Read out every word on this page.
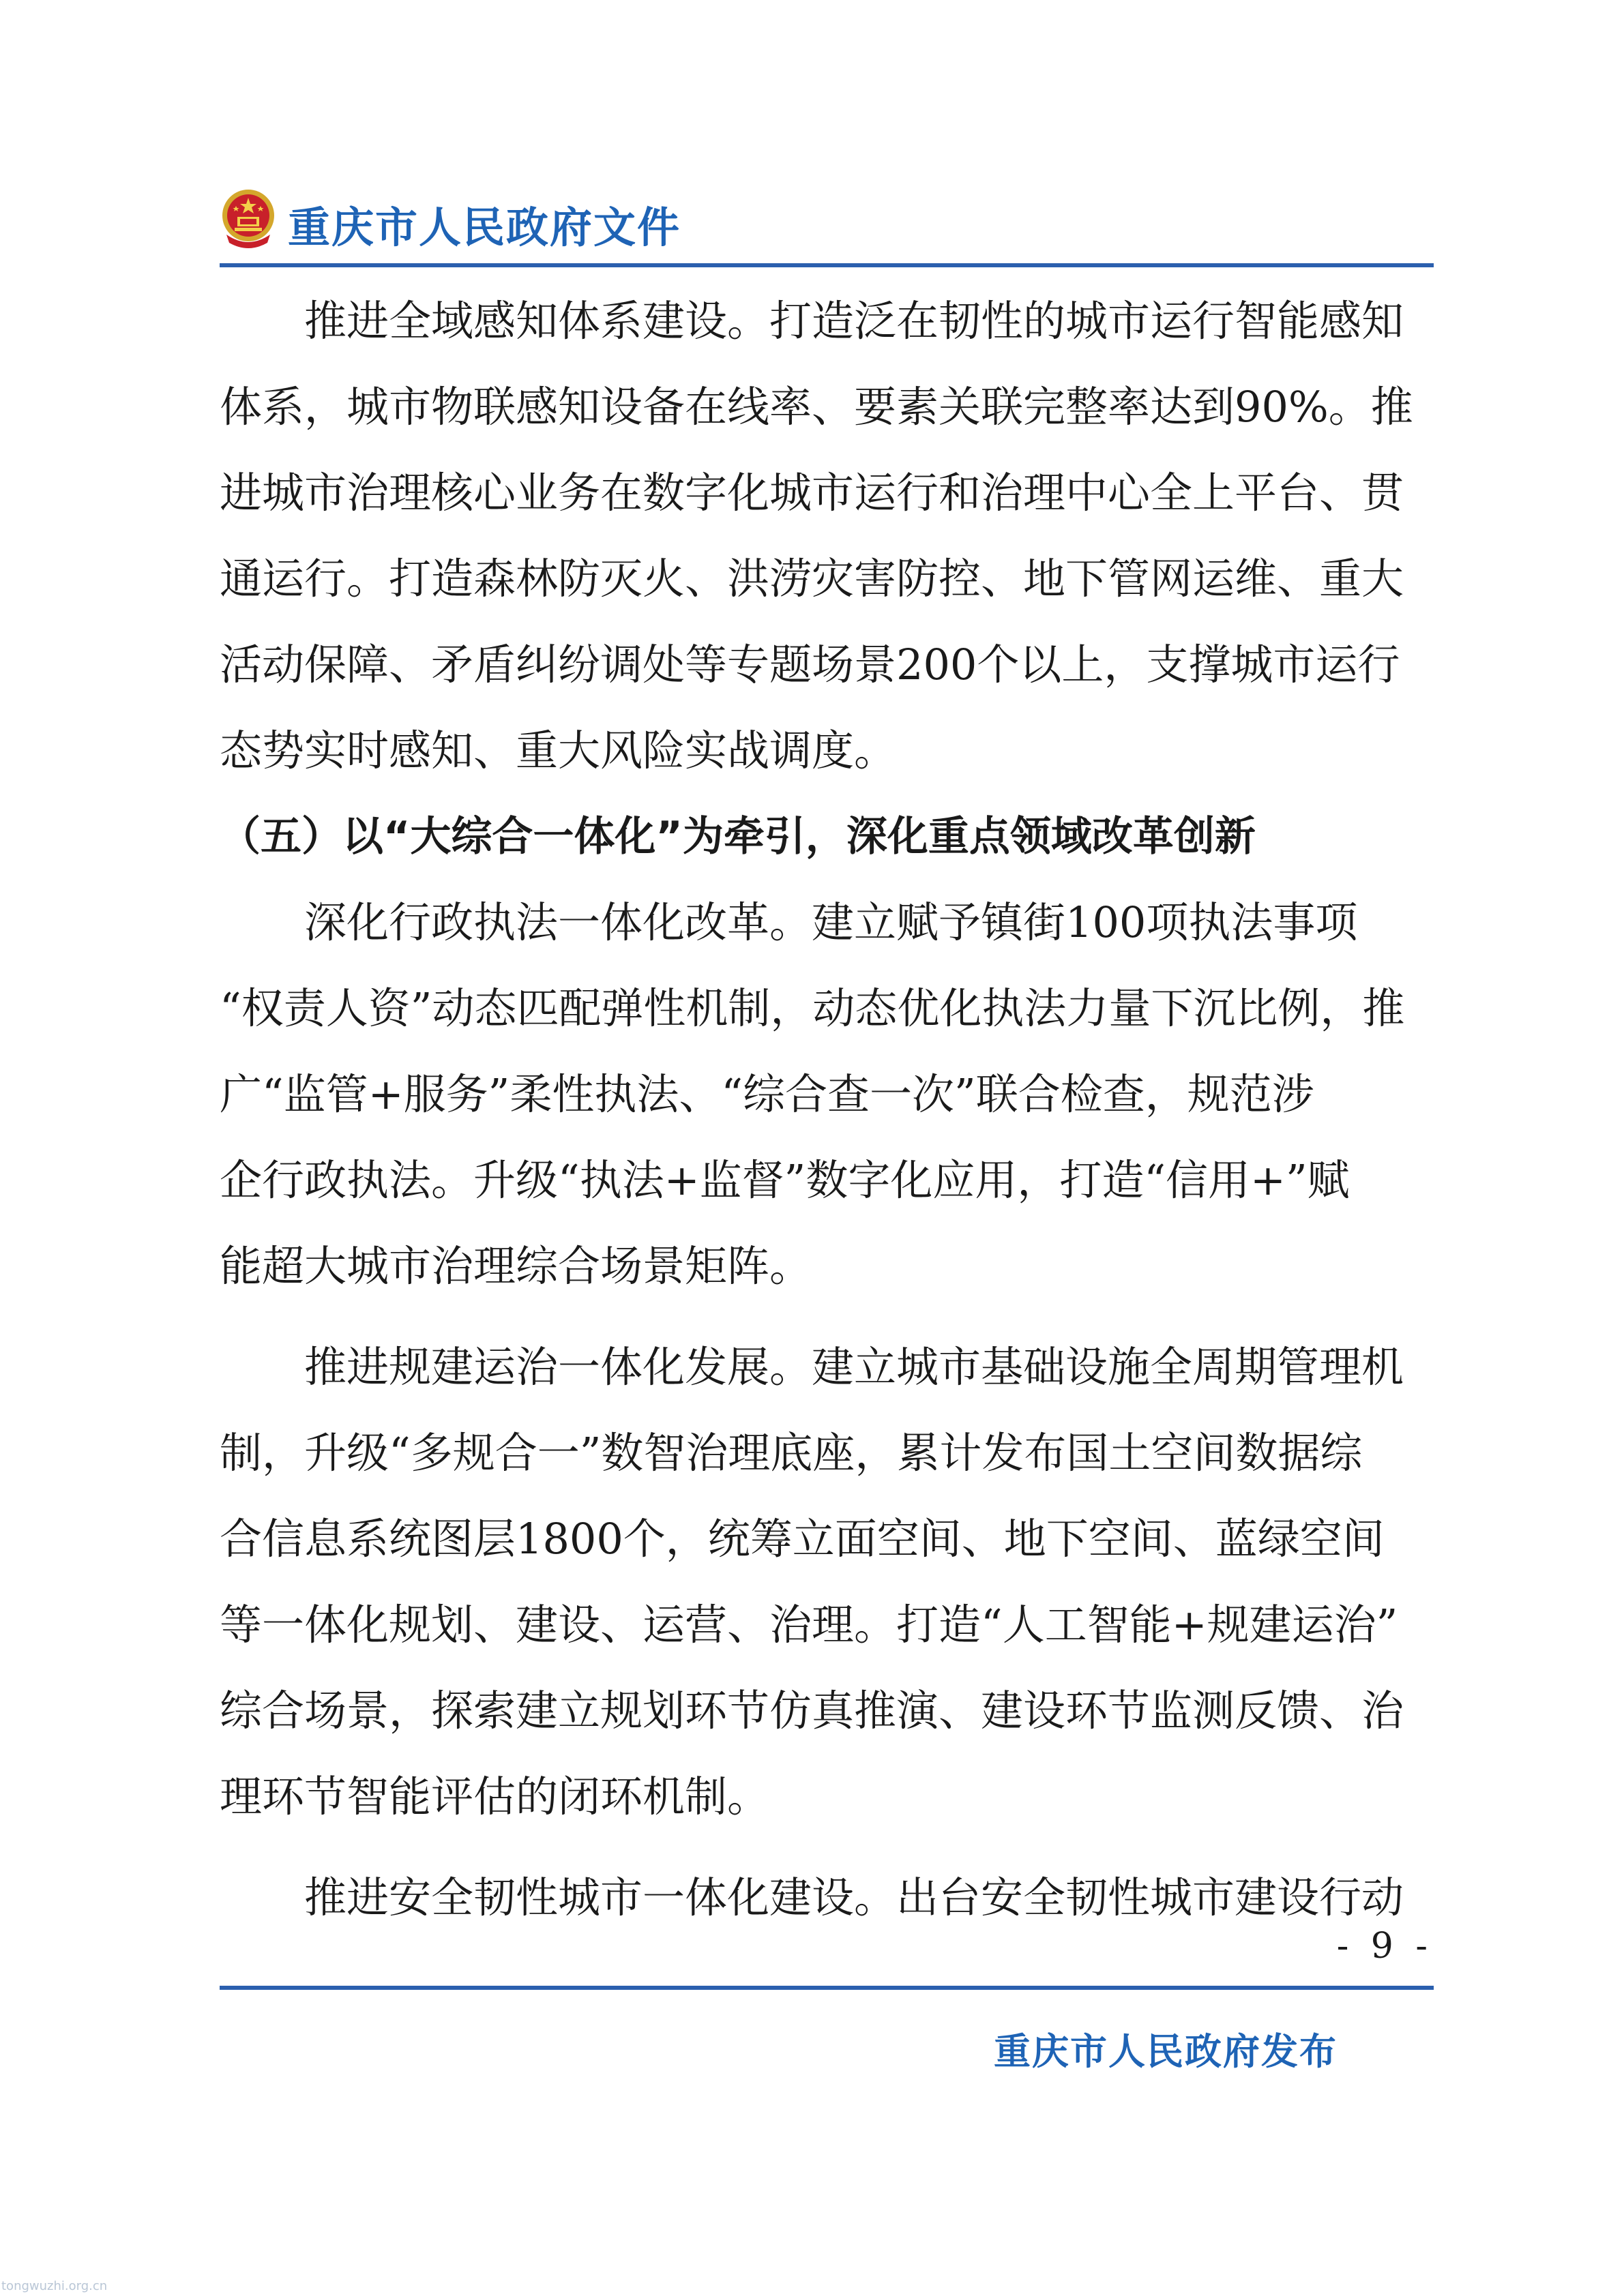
重庆市人民政府文件
　　推进全域感知体系建设。打造泛在韧性的城市运行智能感知
体系，城市物联感知设备在线率、要素关联完整率达到90%。推
进城市治理核心业务在数字化城市运行和治理中心全上平台、贯
通运行。打造森林防灭火、洪涝灾害防控、地下管网运维、重大
活动保障、矛盾纠纷调处等专题场景200个以上，支撑城市运行
态势实时感知、重大风险实战调度。
（五）以“大综合一体化”为牵引，深化重点领域改革创新
　　深化行政执法一体化改革。建立赋予镇街100项执法事项
“权责人资”动态匹配弹性机制，动态优化执法力量下沉比例，推
广“监管+服务”柔性执法、“综合查一次”联合检查，规范涉
企行政执法。升级“执法+监督”数字化应用，打造“信用+”赋
能超大城市治理综合场景矩阵。
　　推进规建运治一体化发展。建立城市基础设施全周期管理机
制，升级“多规合一”数智治理底座，累计发布国土空间数据综
合信息系统图层1800个，统筹立面空间、地下空间、蓝绿空间
等一体化规划、建设、运营、治理。打造“人工智能+规建运治”
综合场景，探索建立规划环节仿真推演、建设环节监测反馈、治
理环节智能评估的闭环机制。
　　推进安全韧性城市一体化建设。出台安全韧性城市建设行动
- 9 -
重庆市人民政府发布
tongwuzhi.org.cn
